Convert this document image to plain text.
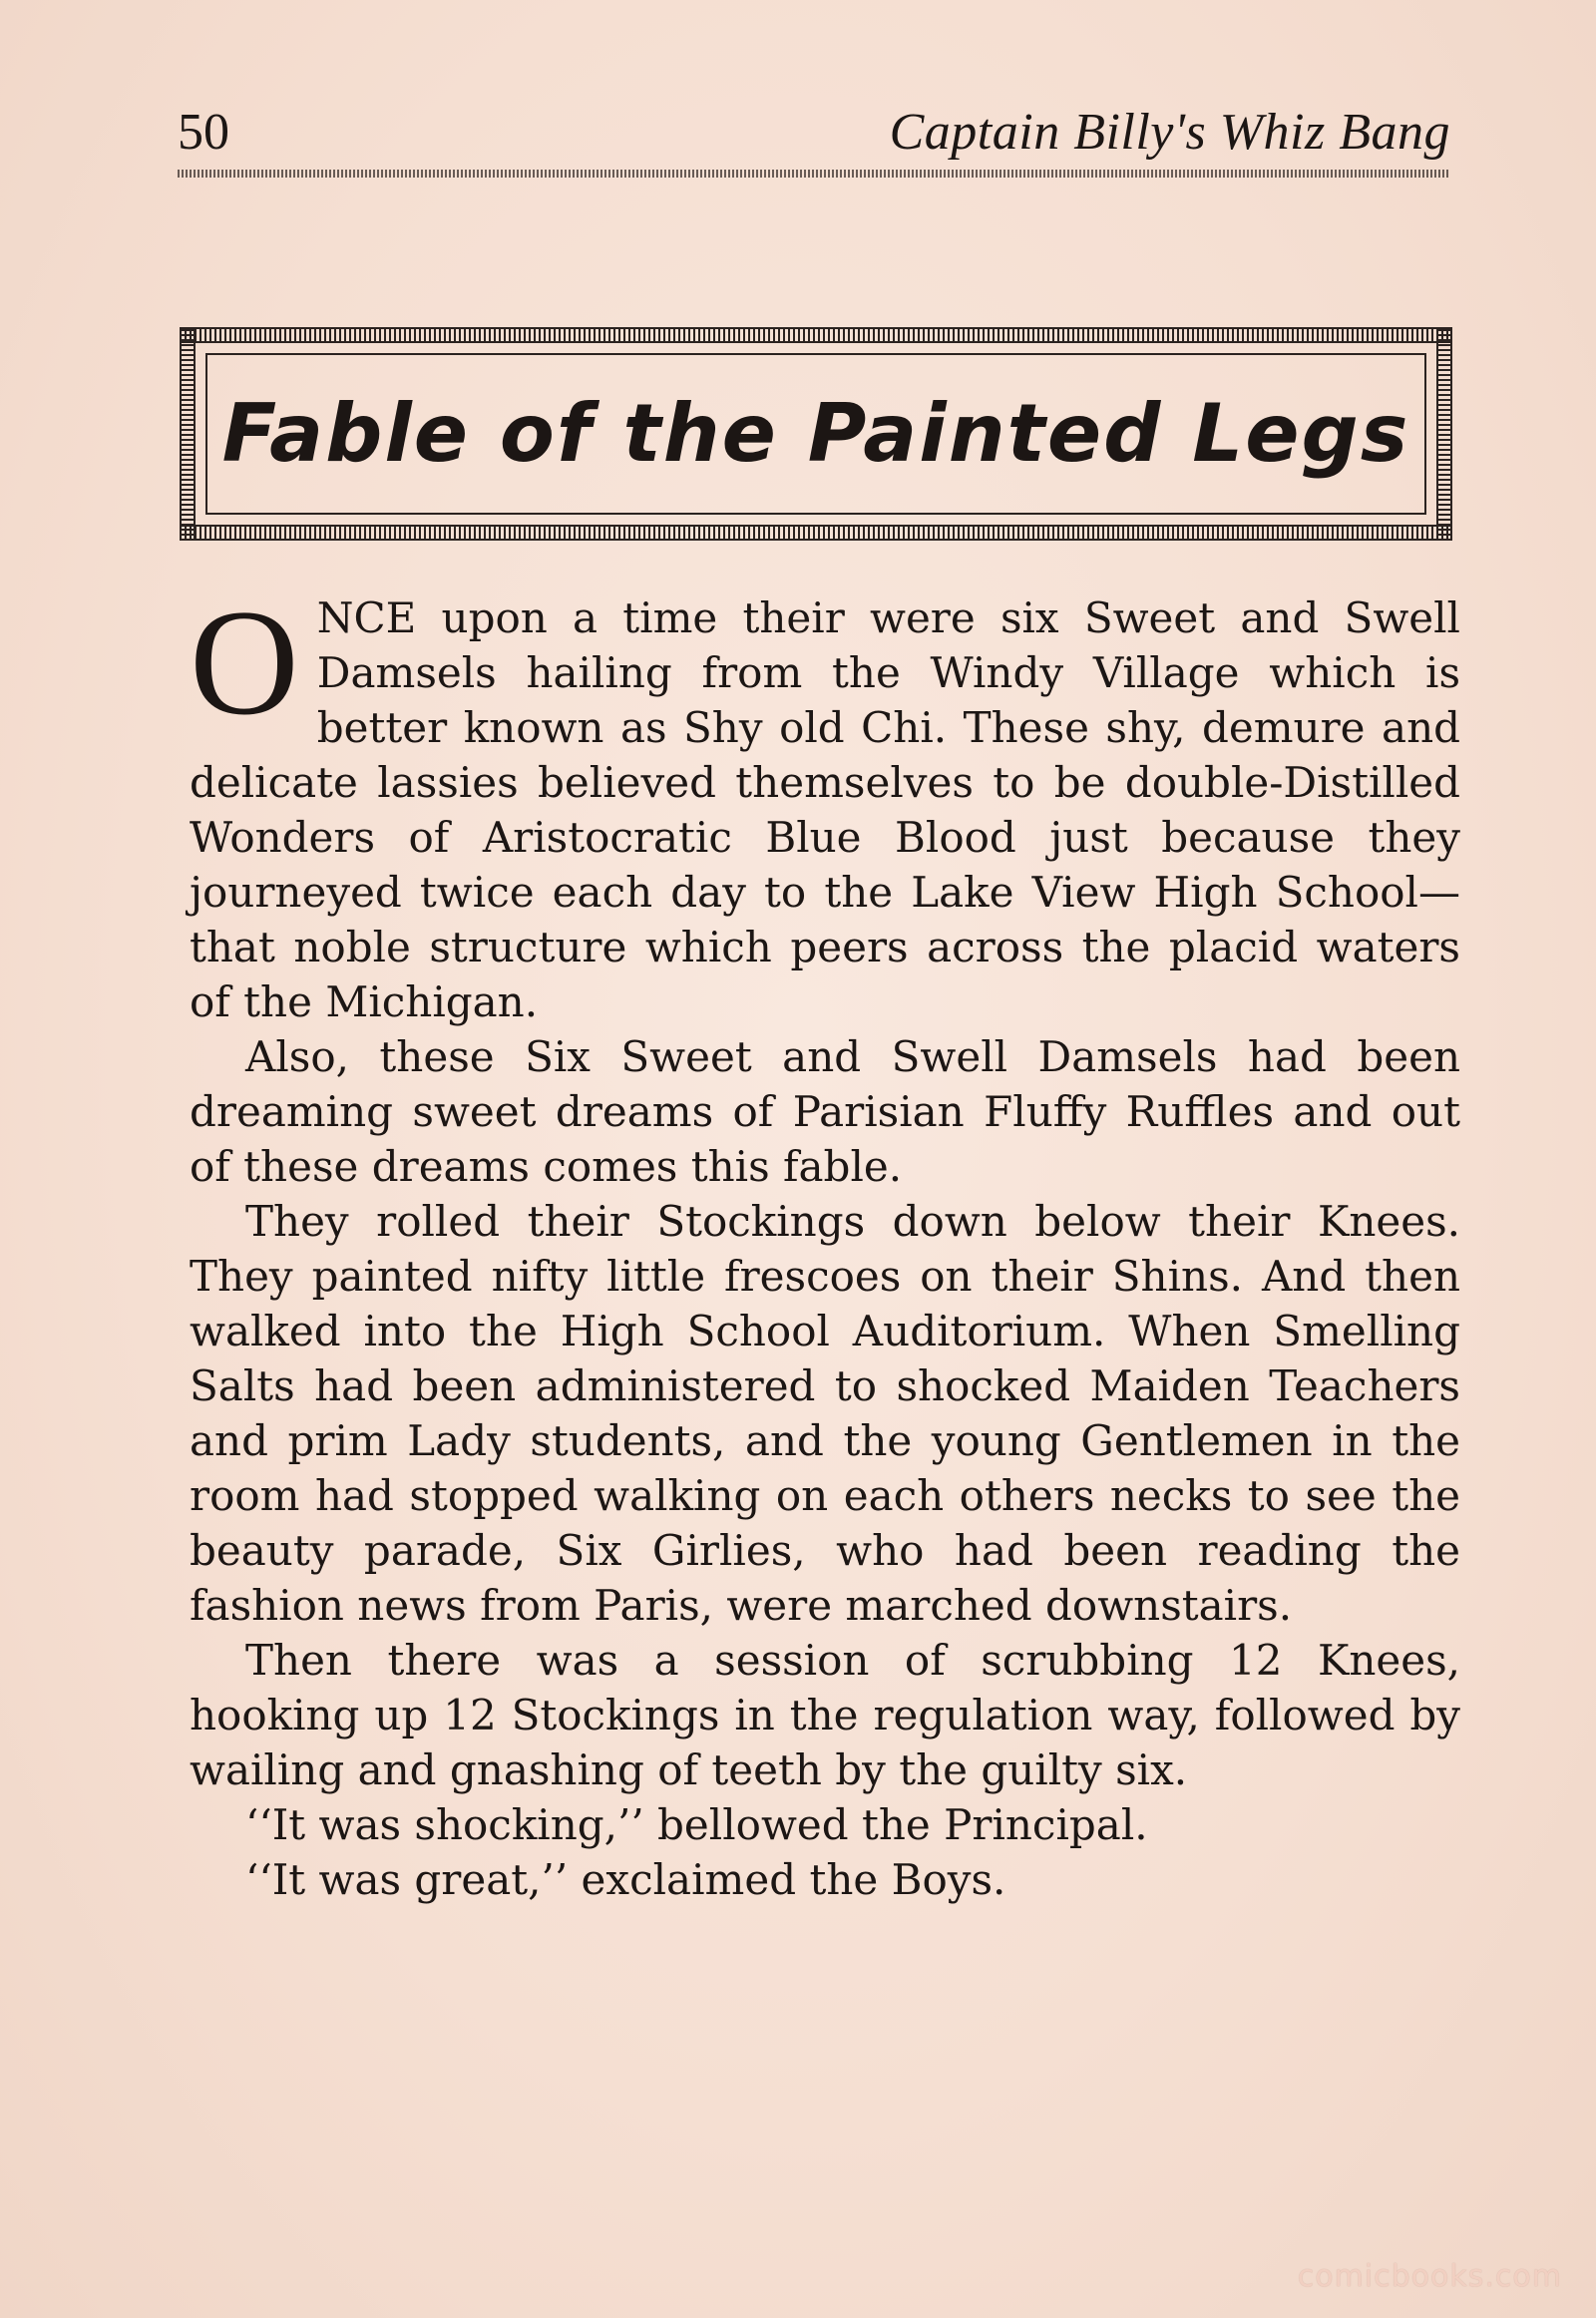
50	Captain Billy's Whiz Bang
Fable of the Painted Legs

ONCE upon a time their were six Sweet and Swell Damsels hailing from the Windy Village which is better known as Shy old Chi. These shy, demure and delicate lassies believed themselves to be double-Distilled Wonders of Aristocratic Blue Blood just because they journeyed twice each day to the Lake View High School—that noble structure which peers across the placid waters of the Michigan.

Also, these Six Sweet and Swell Damsels had been dreaming sweet dreams of Parisian Fluffy Ruffles and out of these dreams comes this fable.

They rolled their Stockings down below their Knees. They painted nifty little frescoes on their Shins. And then walked into the High School Auditorium. When Smelling Salts had been administered to shocked Maiden Teachers and prim Lady students, and the young Gentlemen in the room had stopped walking on each others necks to see the beauty parade, Six Girlies, who had been reading the fashion news from Paris, were marched downstairs.

Then there was a session of scrubbing 12 Knees, hooking up 12 Stockings in the regulation way, followed by wailing and gnashing of teeth by the guilty six.

‘‘It was shocking,’’ bellowed the Principal.

‘‘It was great,’’ exclaimed the Boys.

comicbooks.com
